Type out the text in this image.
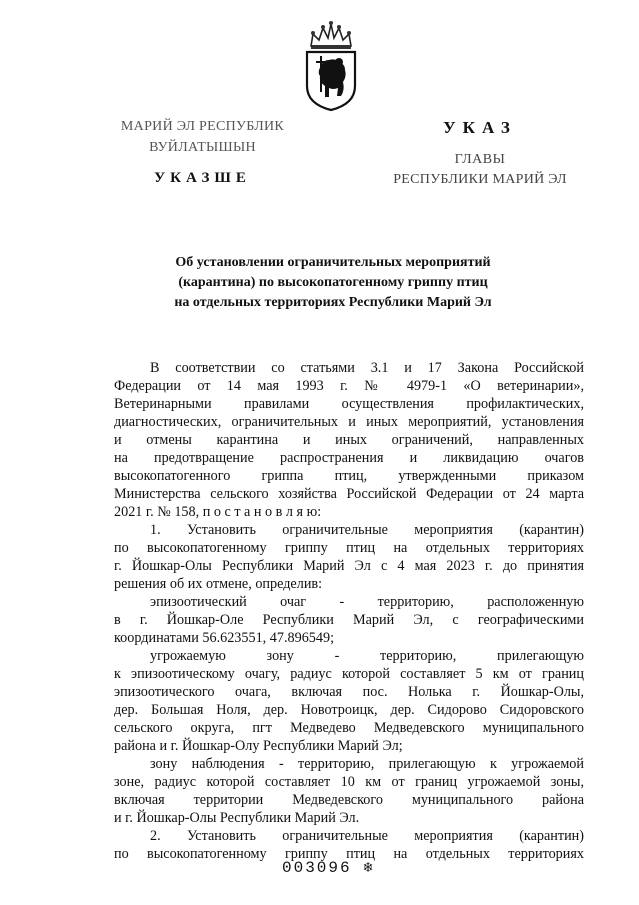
МАРИЙ ЭЛ РЕСПУБЛИК
ВУЙЛАТЫШЫН
УКАЗШЕ
УКАЗ
ГЛАВЫ
РЕСПУБЛИКИ МАРИЙ ЭЛ
Об установлении ограничительных мероприятий
(карантина) по высокопатогенному гриппу птиц
на отдельных территориях Республики Марий Эл
В соответствии со статьями 3.1 и 17 Закона Российской
Федерации от 14 мая 1993 г. № 4979-1 «О ветеринарии»,
Ветеринарными правилами осуществления профилактических,
диагностических, ограничительных и иных мероприятий, установления
и отмены карантина и иных ограничений, направленных
на предотвращение распространения и ликвидацию очагов
высокопатогенного гриппа птиц, утвержденными приказом
Министерства сельского хозяйства Российской Федерации от 24 марта
2021 г. № 158, п о с т а н о в л я ю:
1. Установить ограничительные мероприятия (карантин)
по высокопатогенному гриппу птиц на отдельных территориях
г. Йошкар-Олы Республики Марий Эл с 4 мая 2023 г. до принятия
решения об их отмене, определив:
эпизоотический очаг - территорию, расположенную
в г. Йошкар-Оле Республики Марий Эл, с географическими
координатами 56.623551, 47.896549;
угрожаемую зону - территорию, прилегающую
к эпизоотическому очагу, радиус которой составляет 5 км от границ
эпизоотического очага, включая пос. Нолька г. Йошкар-Олы,
дер. Большая Ноля, дер. Новотроицк, дер. Сидорово Сидоровского
сельского округа, пгт Медведево Медведевского муниципального
района и г. Йошкар-Олу Республики Марий Эл;
зону наблюдения - территорию, прилегающую к угрожаемой
зоне, радиус которой составляет 10 км от границ угрожаемой зоны,
включая территории Медведевского муниципального района
и г. Йошкар-Олы Республики Марий Эл.
2. Установить ограничительные мероприятия (карантин)
по высокопатогенному гриппу птиц на отдельных территориях
003096 ❄
